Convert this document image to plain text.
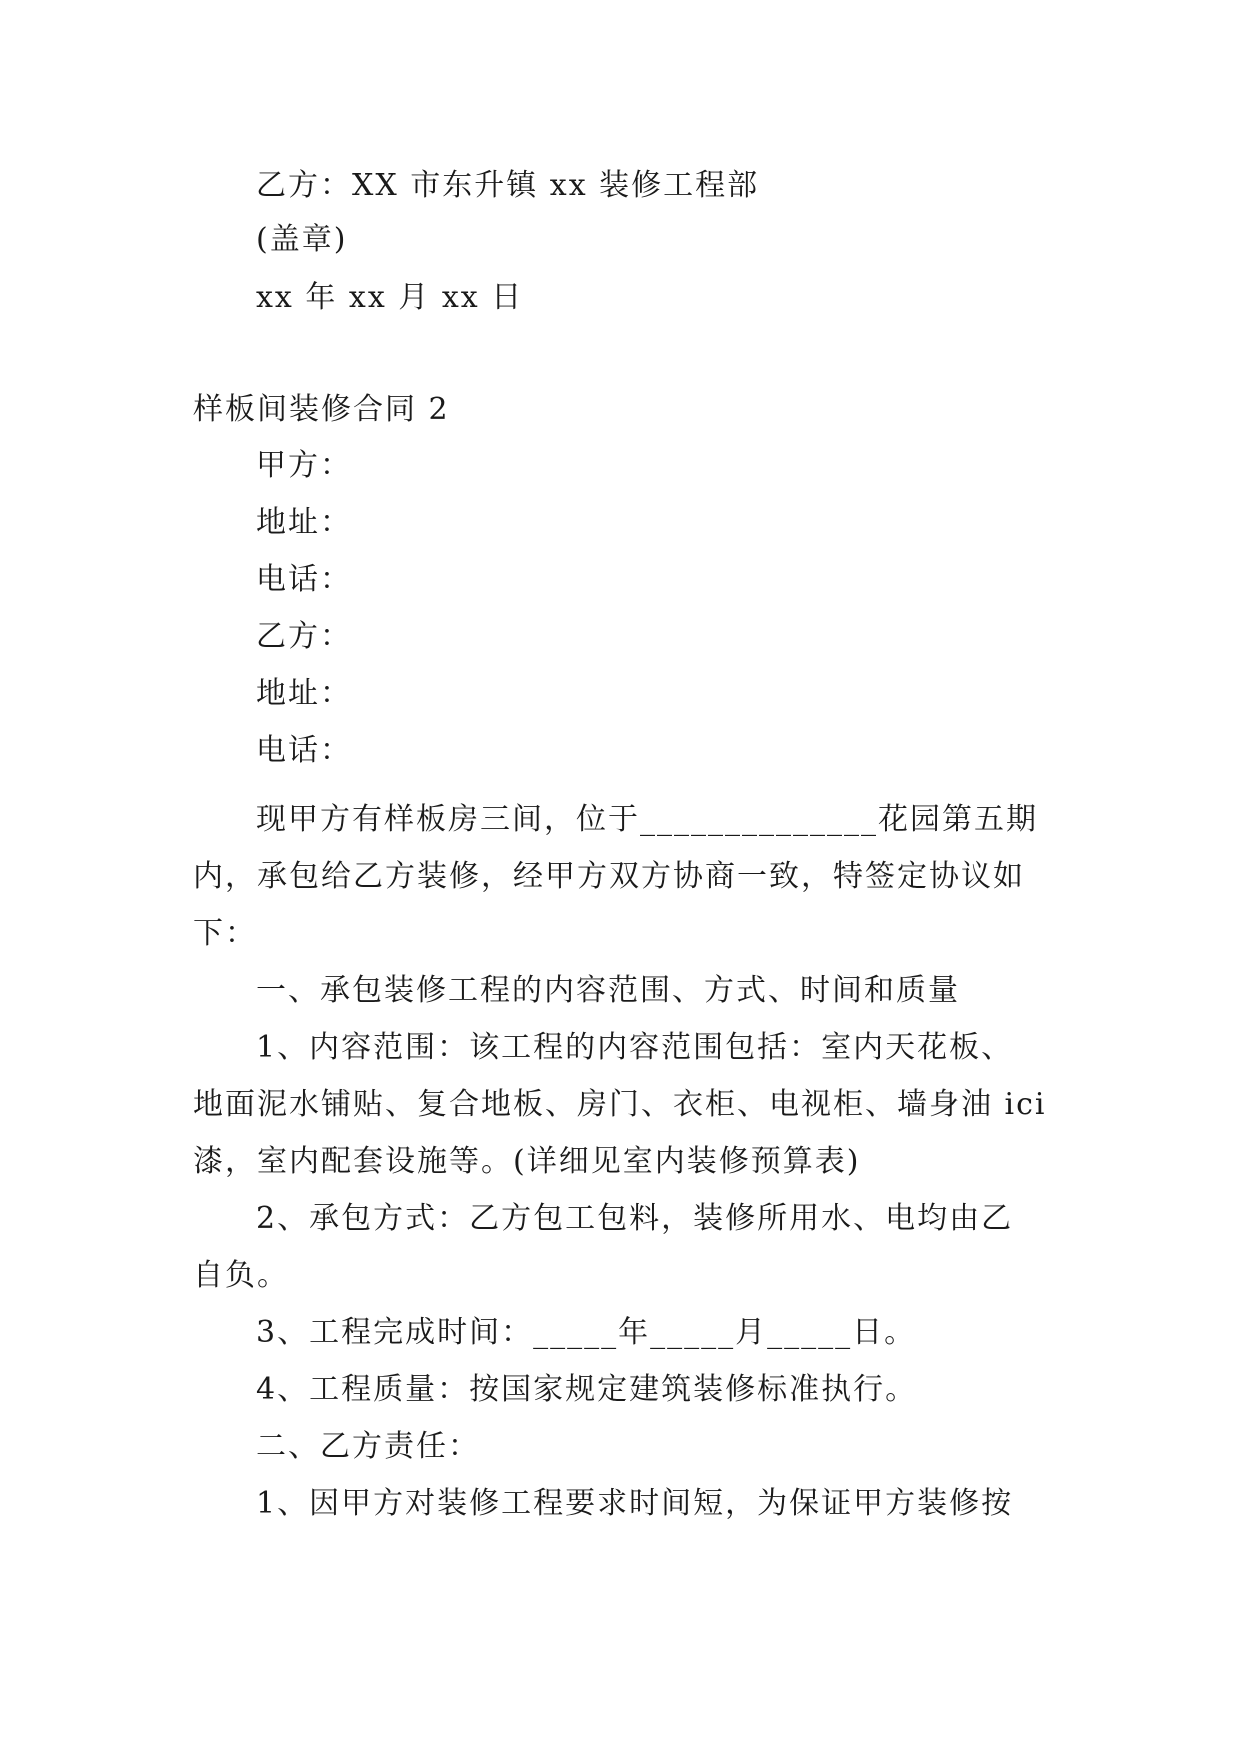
乙方：XX 市东升镇 xx 装修工程部
(盖章)
xx 年 xx 月 xx 日
样板间装修合同 2
甲方：
地址：
电话：
乙方：
地址：
电话：
现甲方有样板房三间，位于______________花园第五期
内，承包给乙方装修，经甲方双方协商一致，特签定协议如
下：
一、承包装修工程的内容范围、方式、时间和质量
1、内容范围：该工程的内容范围包括：室内天花板、
地面泥水铺贴、复合地板、房门、衣柜、电视柜、墙身油 ici
漆，室内配套设施等。(详细见室内装修预算表)
2、承包方式：乙方包工包料，装修所用水、电均由乙
自负。
3、工程完成时间：_____年_____月_____日。
4、工程质量：按国家规定建筑装修标准执行。
二、乙方责任：
1、因甲方对装修工程要求时间短，为保证甲方装修按
